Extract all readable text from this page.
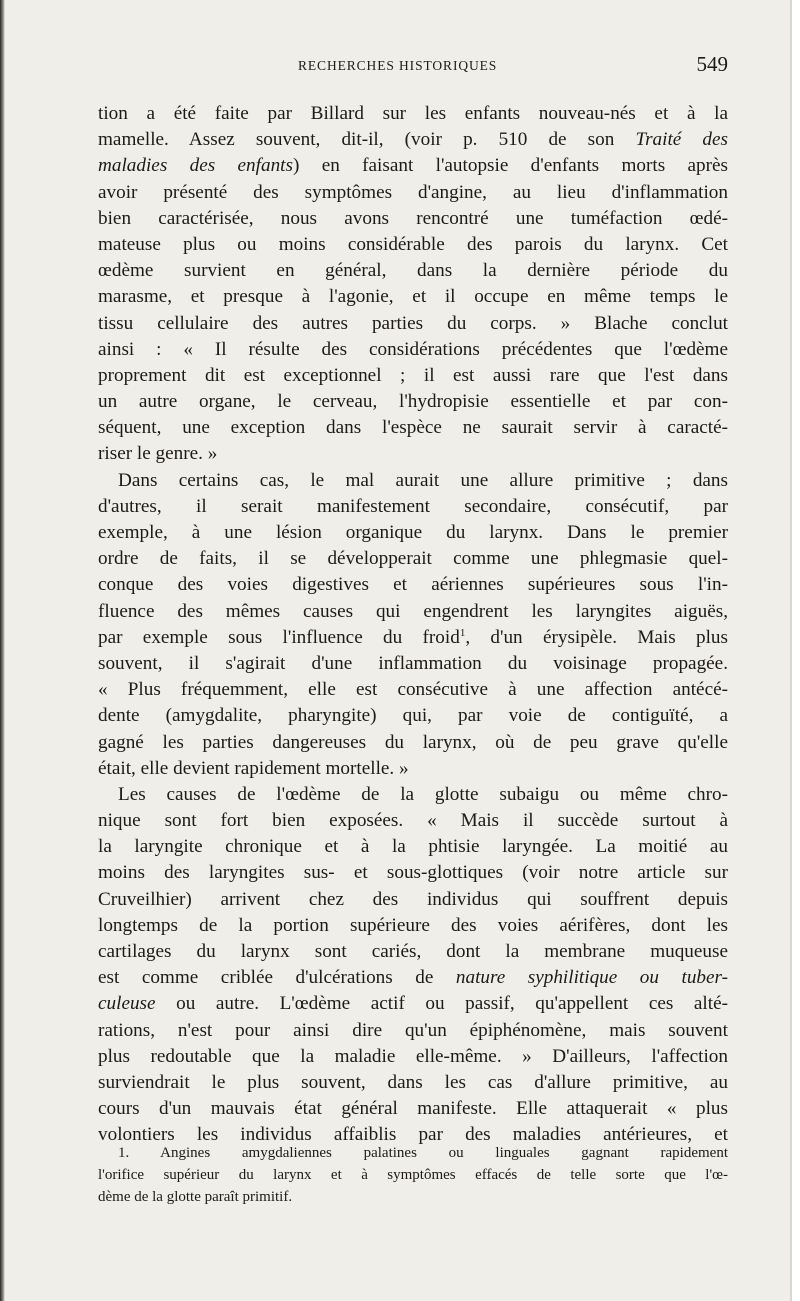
RECHERCHES HISTORIQUES	549
tion a été faite par Billard sur les enfants nouveau-nés et à la
mamelle. Assez souvent, dit-il, (voir p. 510 de son Traité des
maladies des enfants) en faisant l'autopsie d'enfants morts après
avoir présenté des symptômes d'angine, au lieu d'inflammation
bien caractérisée, nous avons rencontré une tuméfaction œdé-
mateuse plus ou moins considérable des parois du larynx. Cet
œdème survient en général, dans la dernière période du
marasme, et presque à l'agonie, et il occupe en même temps le
tissu cellulaire des autres parties du corps. » Blache conclut
ainsi : « Il résulte des considérations précédentes que l'œdème
proprement dit est exceptionnel ; il est aussi rare que l'est dans
un autre organe, le cerveau, l'hydropisie essentielle et par con-
séquent, une exception dans l'espèce ne saurait servir à caracté-
riser le genre. »
Dans certains cas, le mal aurait une allure primitive ; dans
d'autres, il serait manifestement secondaire, consécutif, par
exemple, à une lésion organique du larynx. Dans le premier
ordre de faits, il se développerait comme une phlegmasie quel-
conque des voies digestives et aériennes supérieures sous l'in-
fluence des mêmes causes qui engendrent les laryngites aiguës,
par exemple sous l'influence du froid$^1$, d'un érysipèle. Mais plus
souvent, il s'agirait d'une inflammation du voisinage propagée.
« Plus fréquemment, elle est consécutive à une affection antécé-
dente (amygdalite, pharyngite) qui, par voie de contiguïté, a
gagné les parties dangereuses du larynx, où de peu grave qu'elle
était, elle devient rapidement mortelle. »
Les causes de l'œdème de la glotte subaigu ou même chro-
nique sont fort bien exposées. « Mais il succède surtout à
la laryngite chronique et à la phtisie laryngée. La moitié au
moins des laryngites sus- et sous-glottiques (voir notre article sur
Cruveilhier) arrivent chez des individus qui souffrent depuis
longtemps de la portion supérieure des voies aérifères, dont les
cartilages du larynx sont cariés, dont la membrane muqueuse
est comme criblée d'ulcérations de nature syphilitique ou tuber-
culeuse ou autre. L'œdème actif ou passif, qu'appellent ces alté-
rations, n'est pour ainsi dire qu'un épiphénomène, mais souvent
plus redoutable que la maladie elle-même. » D'ailleurs, l'affection
surviendrait le plus souvent, dans les cas d'allure primitive, au
cours d'un mauvais état général manifeste. Elle attaquerait « plus
volontiers les individus affaiblis par des maladies antérieures, et
1. Angines amygdaliennes palatines ou linguales gagnant rapidement
l'orifice supérieur du larynx et à symptômes effacés de telle sorte que l'œ-
dème de la glotte paraît primitif.
